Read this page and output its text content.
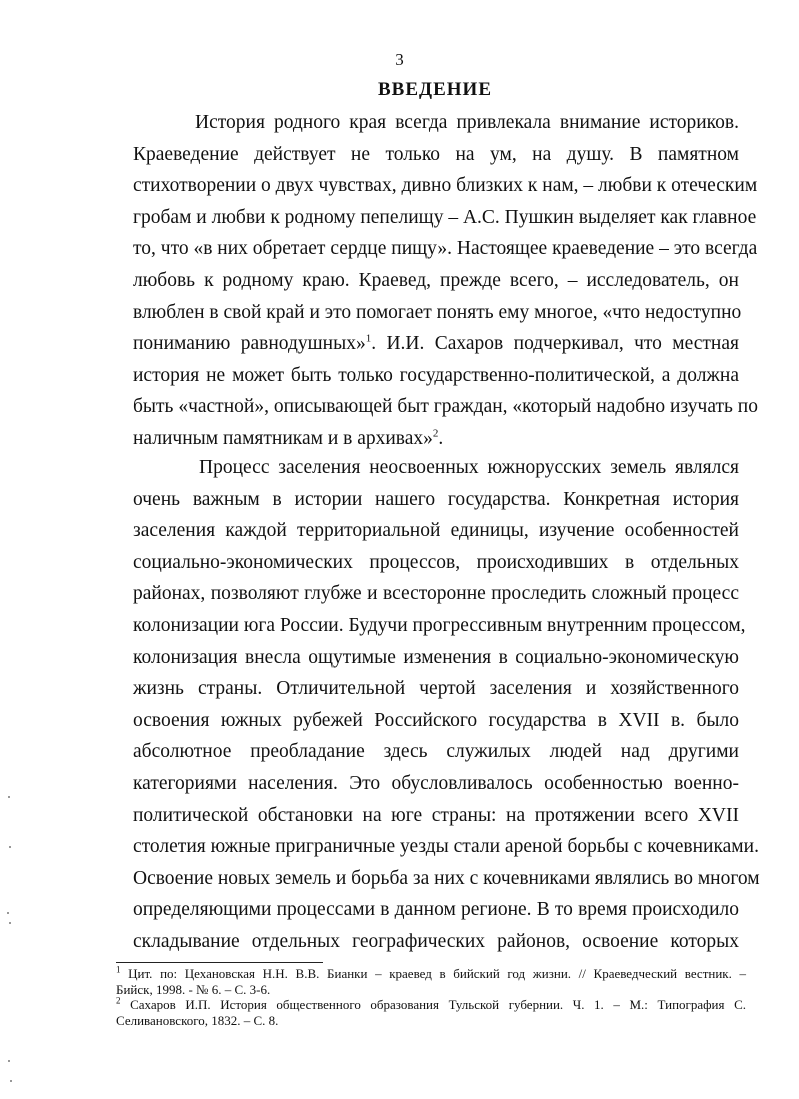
3
ВВЕДЕНИЕ

История родного края всегда привлекала внимание историков.
Краеведение действует не только на ум, на душу. В памятном
стихотворении о двух чувствах, дивно близких к нам, – любви к отеческим
гробам и любви к родному пепелищу – А.С. Пушкин выделяет как главное
то, что «в них обретает сердце пищу». Настоящее краеведение – это всегда
любовь к родному краю. Краевед, прежде всего, – исследователь, он
влюблен в свой край и это помогает понять ему многое, «что недоступно
пониманию равнодушных»$^1$. И.И. Сахаров подчеркивал, что местная
история не может быть только государственно-политической, а должна
быть «частной», описывающей быт граждан, «который надобно изучать по
наличным памятникам и в архивах»$^2$.

Процесс заселения неосвоенных южнорусских земель являлся
очень важным в истории нашего государства. Конкретная история
заселения каждой территориальной единицы, изучение особенностей
социально-экономических процессов, происходивших в отдельных
районах, позволяют глубже и всесторонне проследить сложный процесс
колонизации юга России. Будучи прогрессивным внутренним процессом,
колонизация внесла ощутимые изменения в социально-экономическую
жизнь страны. Отличительной чертой заселения и хозяйственного
освоения южных рубежей Российского государства в XVII в. было
абсолютное преобладание здесь служилых людей над другими
категориями населения. Это обусловливалось особенностью военно-
политической обстановки на юге страны: на протяжении всего XVII
столетия южные приграничные уезды стали ареной борьбы с кочевниками.
Освоение новых земель и борьба за них с кочевниками являлись во многом
определяющими процессами в данном регионе. В то время происходило
складывание отдельных географических районов, освоение которых

$^1$ Цит. по: Цехановская Н.Н. В.В. Бианки – краевед в бийский год жизни. // Краеведческий вестник. –
Бийск, 1998. - № 6. – С. 3-6.

$^2$ Сахаров И.П. История общественного образования Тульской губернии. Ч. 1. – М.: Типография С.
Селивановского, 1832. – С. 8.
